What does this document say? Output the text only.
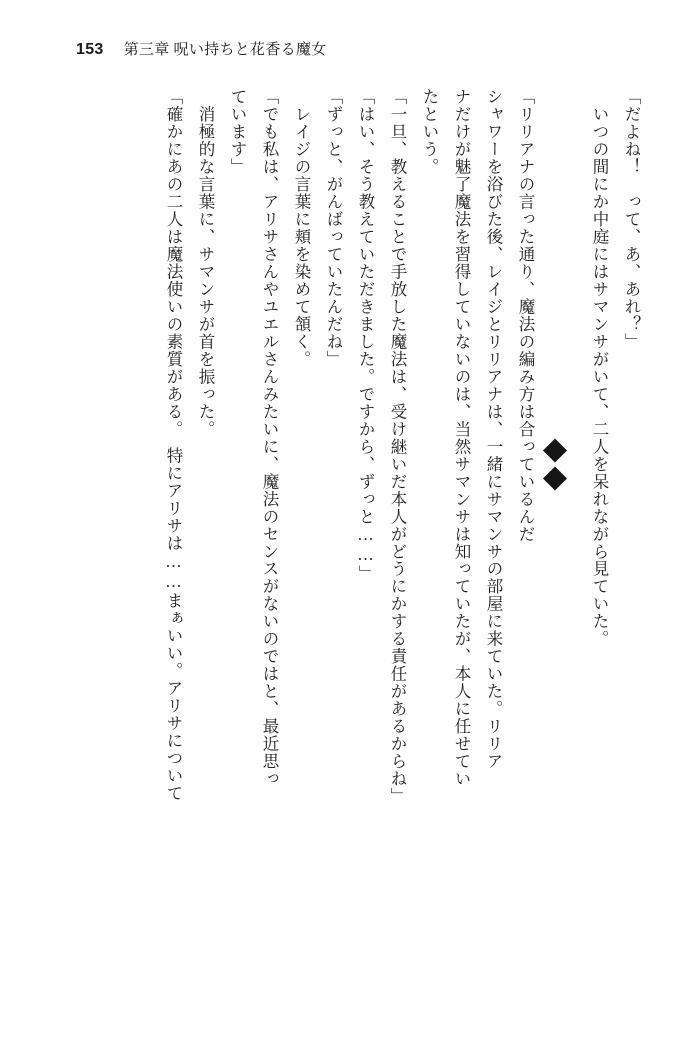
153 第三章 呪い持ちと花香る魔女
「だよね！　って、あ、あれ？」
　いつの間にか中庭にはサマンサがいて、二人を呆れながら見ていた。
「リリアナの言った通り、魔法の編み方は合っているんだ
シャワーを浴びた後、レイジとリリアナは、一緒にサマンサの部屋に来ていた。リリア
ナだけが魅了魔法を習得していないのは、当然サマンサは知っていたが、本人に任せてい
たという。
「一旦、教えることで手放した魔法は、受け継いだ本人がどうにかする責任があるからね」
「はい、そう教えていただきました。ですから、ずっと……」
「ずっと、がんばっていたんだね」
　レイジの言葉に頬を染めて頷く。
「でも私は、アリサさんやユエルさんみたいに、魔法のセンスがないのではと、最近思っ
ています」
　消極的な言葉に、サマンサが首を振った。
「確かにあの二人は魔法使いの素質がある。　特にアリサは……まぁいい。アリサについて
